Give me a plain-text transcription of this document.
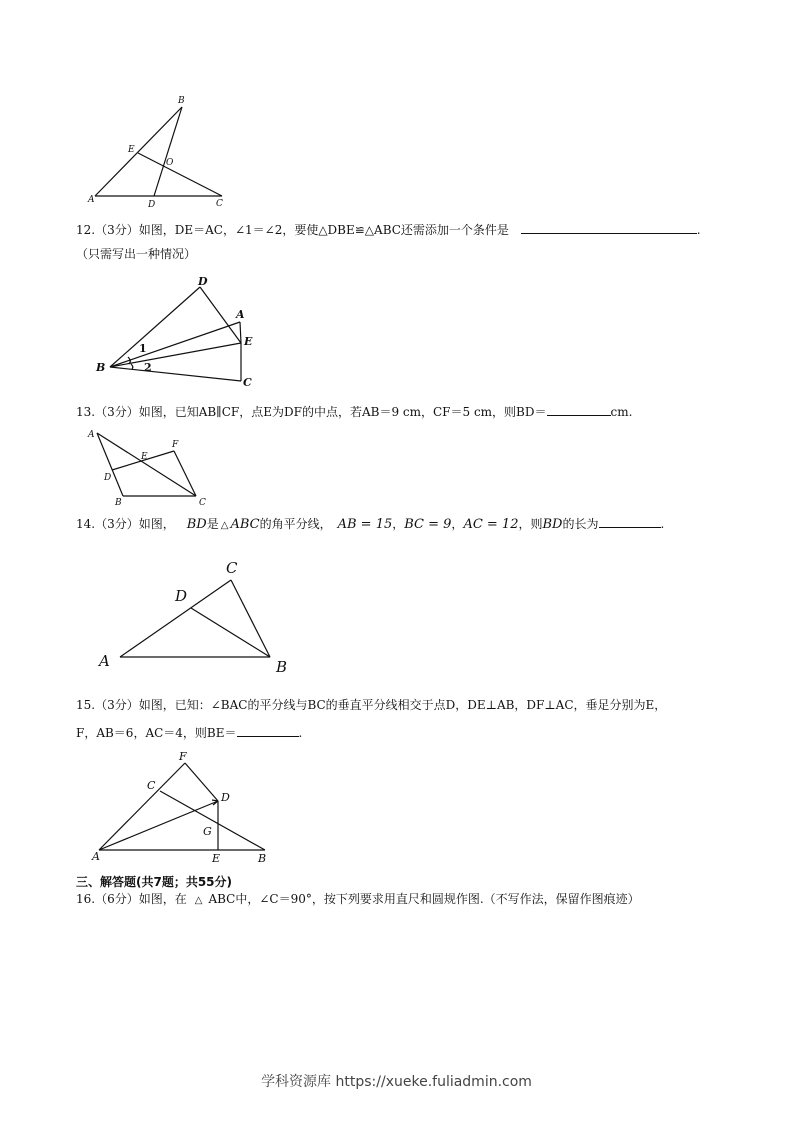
B
E
O
A	D	C
12.（3分）如图，DE＝AC，∠1＝∠2，要使△DBE≌△ABC还需添加一个条件是	.
（只需写出一种情况）
D
A
E
B
C
1
2
13.（3分）如图，已知AB∥CF，点E为DF的中点，若AB＝9 cm，CF＝5 cm，则BD＝	cm.
A
F
E
D
B	C
14.（3分）如图， BD是 △ ABC的角平分线， AB = 15，BC = 9，AC = 12，则BD的长为	.
C
D
A	B
15.（3分）如图，已知：∠BAC的平分线与BC的垂直平分线相交于点D，DE⊥AB，DF⊥AC，垂足分别为E，
F，AB＝6，AC＝4，则BE＝	.
F
C
D
G
A	E	B
三、解答题(共7题；共55分)
16.（6分）如图，在 △ ABC中，∠C＝90°，按下列要求用直尺和圆规作图.（不写作法，保留作图痕迹）
学科资源库 https://xueke.fuliadmin.com
